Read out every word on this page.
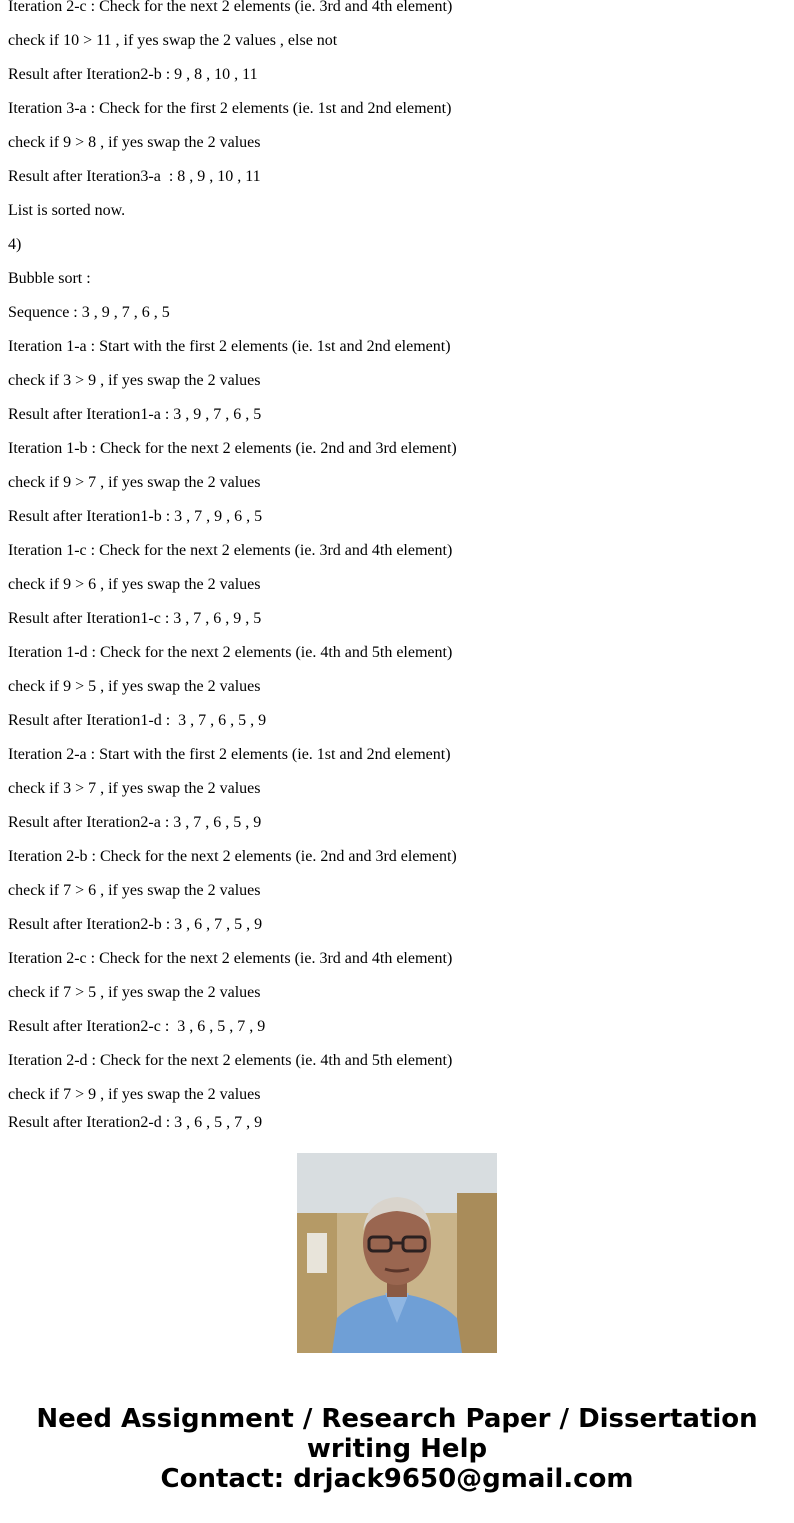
Iteration 2-c : Check for the next 2 elements (ie. 3rd and 4th element)

check if 10 > 11 , if yes swap the 2 values , else not

Result after Iteration2-b : 9 , 8 , 10 , 11

Iteration 3-a : Check for the first 2 elements (ie. 1st and 2nd element)

check if 9 > 8 , if yes swap the 2 values

Result after Iteration3-a  : 8 , 9 , 10 , 11

List is sorted now.

4)

Bubble sort :

Sequence : 3 , 9 , 7 , 6 , 5

Iteration 1-a : Start with the first 2 elements (ie. 1st and 2nd element)

check if 3 > 9 , if yes swap the 2 values

Result after Iteration1-a : 3 , 9 , 7 , 6 , 5

Iteration 1-b : Check for the next 2 elements (ie. 2nd and 3rd element)

check if 9 > 7 , if yes swap the 2 values

Result after Iteration1-b : 3 , 7 , 9 , 6 , 5

Iteration 1-c : Check for the next 2 elements (ie. 3rd and 4th element)

check if 9 > 6 , if yes swap the 2 values

Result after Iteration1-c : 3 , 7 , 6 , 9 , 5

Iteration 1-d : Check for the next 2 elements (ie. 4th and 5th element)

check if 9 > 5 , if yes swap the 2 values

Result after Iteration1-d :  3 , 7 , 6 , 5 , 9

Iteration 2-a : Start with the first 2 elements (ie. 1st and 2nd element)

check if 3 > 7 , if yes swap the 2 values

Result after Iteration2-a : 3 , 7 , 6 , 5 , 9

Iteration 2-b : Check for the next 2 elements (ie. 2nd and 3rd element)

check if 7 > 6 , if yes swap the 2 values

Result after Iteration2-b : 3 , 6 , 7 , 5 , 9

Iteration 2-c : Check for the next 2 elements (ie. 3rd and 4th element)

check if 7 > 5 , if yes swap the 2 values

Result after Iteration2-c :  3 , 6 , 5 , 7 , 9

Iteration 2-d : Check for the next 2 elements (ie. 4th and 5th element)

check if 7 > 9 , if yes swap the 2 values

Result after Iteration2-d : 3 , 6 , 5 , 7 , 9

Need Assignment / Research Paper / Dissertation writing Help

Contact: drjack9650@gmail.com
